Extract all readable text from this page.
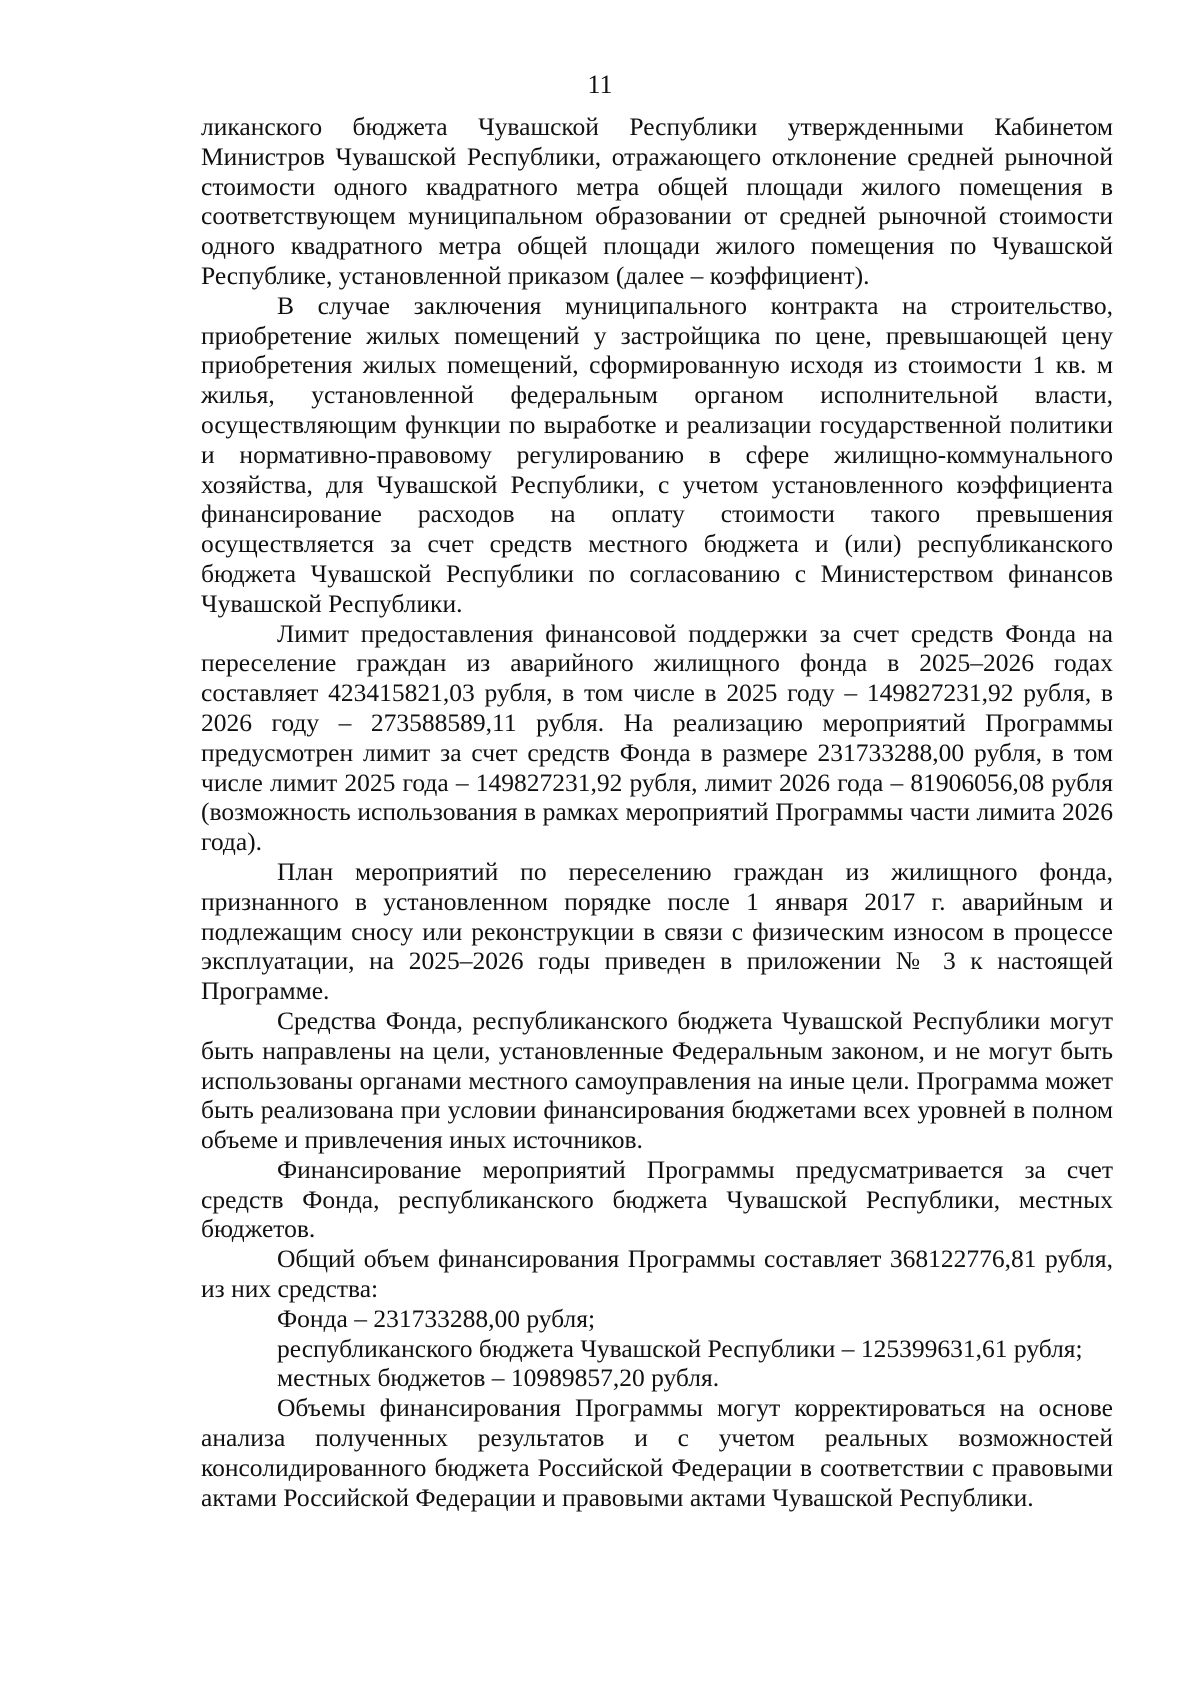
11

ликанского бюджета Чувашской Республики утвержденными Кабинетом Министров Чувашской Республики, отражающего отклонение средней рыночной стоимости одного квадратного метра общей площади жилого помещения в соответствующем муниципальном образовании от средней рыночной стоимости одного квадратного метра общей площади жилого помещения по Чувашской Республике, установленной приказом (далее – коэффициент).

В случае заключения муниципального контракта на строительство, приобретение жилых помещений у застройщика по цене, превышающей цену приобретения жилых помещений, сформированную исходя из стоимости 1 кв. м жилья, установленной федеральным органом исполнительной власти, осуществляющим функции по выработке и реализации государственной политики и нормативно-правовому регулированию в сфере жилищно-коммунального хозяйства, для Чувашской Республики, с учетом установленного коэффициента финансирование расходов на оплату стоимости такого превышения осуществляется за счет средств местного бюджета и (или) республиканского бюджета Чувашской Республики по согласованию с Министерством финансов Чувашской Республики.

Лимит предоставления финансовой поддержки за счет средств Фонда на переселение граждан из аварийного жилищного фонда в 2025–2026 годах составляет 423415821,03 рубля, в том числе в 2025 году – 149827231,92 рубля, в 2026 году – 273588589,11 рубля. На реализацию мероприятий Программы предусмотрен лимит за счет средств Фонда в размере 231733288,00 рубля, в том числе лимит 2025 года – 149827231,92 рубля, лимит 2026 года – 81906056,08 рубля (возможность использования в рамках мероприятий Программы части лимита 2026 года).

План мероприятий по переселению граждан из жилищного фонда, признанного в установленном порядке после 1 января 2017 г. аварийным и подлежащим сносу или реконструкции в связи с физическим износом в процессе эксплуатации, на 2025–2026 годы приведен в приложении № 3 к настоящей Программе.

Средства Фонда, республиканского бюджета Чувашской Республики могут быть направлены на цели, установленные Федеральным законом, и не могут быть использованы органами местного самоуправления на иные цели. Программа может быть реализована при условии финансирования бюджетами всех уровней в полном объеме и привлечения иных источников.

Финансирование мероприятий Программы предусматривается за счет средств Фонда, республиканского бюджета Чувашской Республики, местных бюджетов.

Общий объем финансирования Программы составляет 368122776,81 рубля, из них средства:

Фонда – 231733288,00 рубля;

республиканского бюджета Чувашской Республики – 125399631,61 рубля;

местных бюджетов – 10989857,20 рубля.

Объемы финансирования Программы могут корректироваться на основе анализа полученных результатов и с учетом реальных возможностей консолидированного бюджета Российской Федерации в соответствии с правовыми актами Российской Федерации и правовыми актами Чувашской Республики.
